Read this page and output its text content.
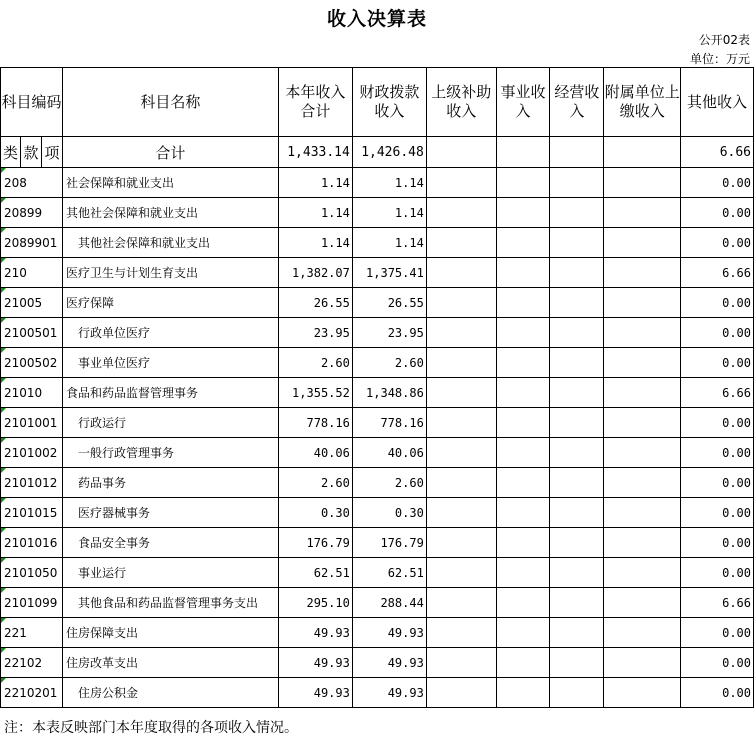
收入决算表
公开02表
单位：万元
科目编码			科目名称	本年收入合计	财政拨款收入	上级补助收入	事业收入	经营收入	附属单位上缴收入	其他收入
类	款	项	合计	1,433.14	1,426.48					6.66

208			社会保障和就业支出	1.14	1.14					0.00

20899			其他社会保障和就业支出	1.14	1.14					0.00

2089901			其他社会保障和就业支出	1.14	1.14					0.00

210			医疗卫生与计划生育支出	1,382.07	1,375.41					6.66

21005			医疗保障	26.55	26.55					0.00

2100501			行政单位医疗	23.95	23.95					0.00

2100502			事业单位医疗	2.60	2.60					0.00

21010			食品和药品监督管理事务	1,355.52	1,348.86					6.66

2101001			行政运行	778.16	778.16					0.00

2101002			一般行政管理事务	40.06	40.06					0.00

2101012			药品事务	2.60	2.60					0.00

2101015			医疗器械事务	0.30	0.30					0.00

2101016			食品安全事务	176.79	176.79					0.00

2101050			事业运行	62.51	62.51					0.00

2101099			其他食品和药品监督管理事务支出	295.10	288.44					6.66

221			住房保障支出	49.93	49.93					0.00

22102			住房改革支出	49.93	49.93					0.00

2210201			住房公积金	49.93	49.93					0.00
注：本表反映部门本年度取得的各项收入情况。
